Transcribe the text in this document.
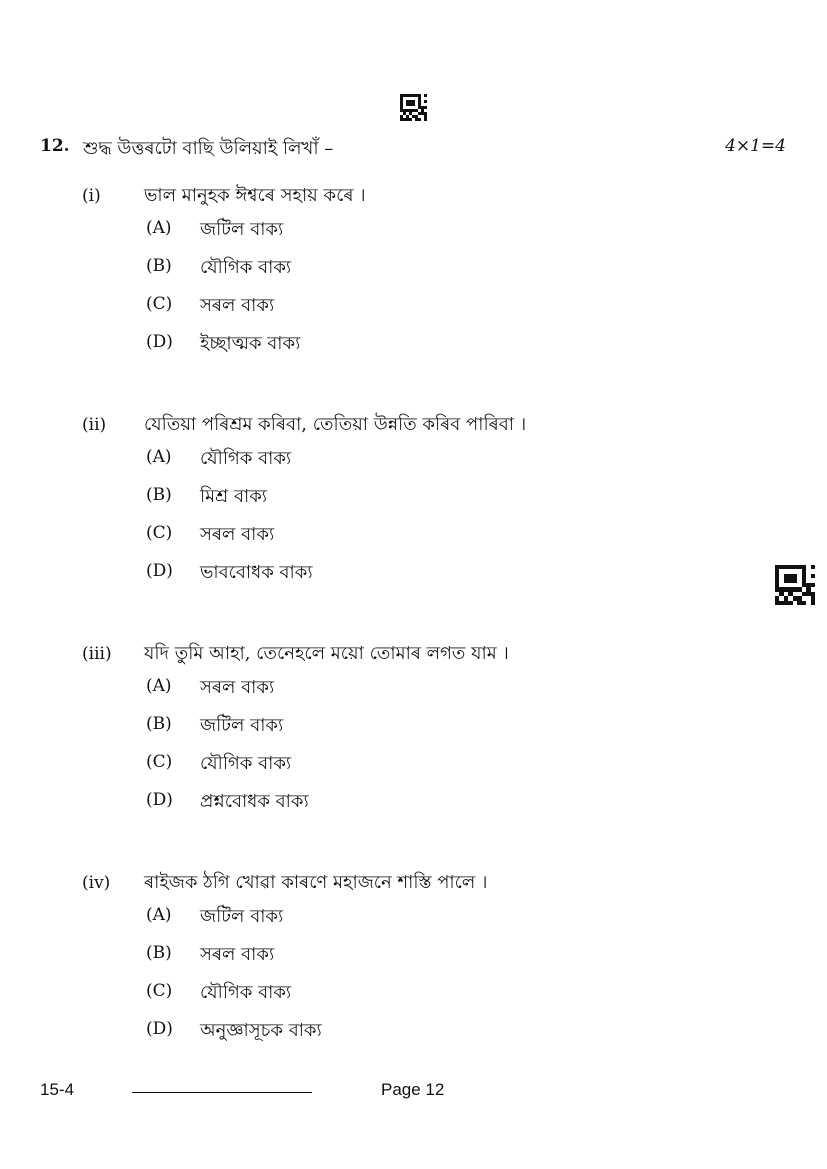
12. শুদ্ধ উত্তৰটো বাছি উলিয়াই লিখাঁ –	4×1=4
(i) ভাল মানুহক ঈশ্বৰে সহায় কৰে ।
(A) জটিল বাক্য
(B) যৌগিক বাক্য
(C) সৰল বাক্য
(D) ইচ্ছাত্মক বাক্য
(ii) যেতিয়া পৰিশ্ৰম কৰিবা, তেতিয়া উন্নতি কৰিব পাৰিবা ।
(A) যৌগিক বাক্য
(B) মিশ্ৰ বাক্য
(C) সৰল বাক্য
(D) ভাববোধক বাক্য
(iii) যদি তুমি আহা, তেনেহলে ময়ো তোমাৰ লগত যাম ।
(A) সৰল বাক্য
(B) জটিল বাক্য
(C) যৌগিক বাক্য
(D) প্ৰশ্নবোধক বাক্য
(iv) ৰাইজক ঠগি খোৱা কাৰণে মহাজনে শাস্তি পালে ।
(A) জটিল বাক্য
(B) সৰল বাক্য
(C) যৌগিক বাক্য
(D) অনুজ্ঞাসূচক বাক্য
15-4	Page 12
